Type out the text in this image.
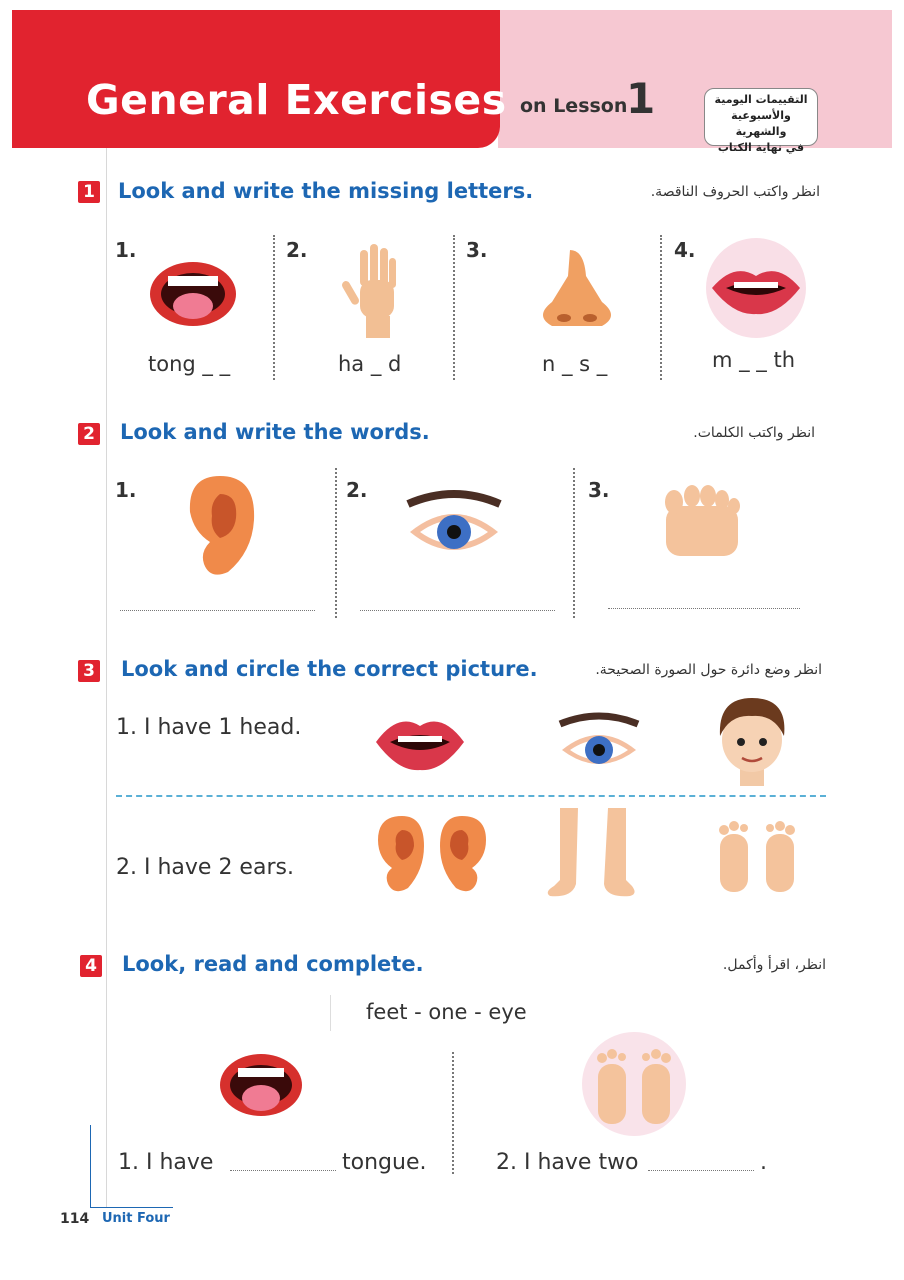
General Exercises on Lesson
1	التقييمات اليومية
والأسبوعية والشهرية
في نهاية الكتاب
1 Look and write the missing letters.	انظر واكتب الحروف الناقصة.
1.
tong _ _
2.
ha _ d
3.
n _ s _
4.
m _ _ th
2 Look and write the words.	انظر واكتب الكلمات.
1.	2.	3.
3 Look and circle the correct picture.	انظر وضع دائرة حول الصورة الصحيحة.
1. I have 1 head.
2. I have 2 ears.
4 Look, read and complete.	انظر، اقرأ وأكمل.
feet - one - eye
1. I have	tongue.	2. I have two	.
114 Unit Four
